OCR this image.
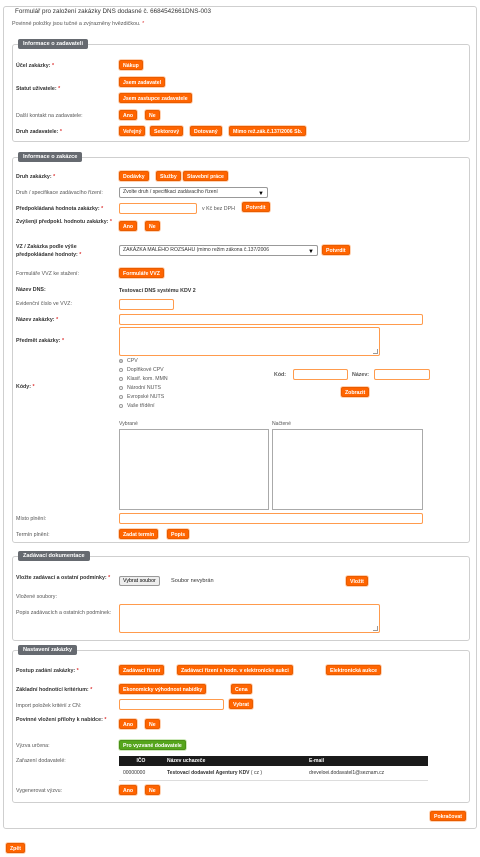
Formulář pro založení zakázky DNS dodasné č. 6684542661DNS-003
Povinné položky jsou tučné a zvýrazněny hvězdičkou. *
Informace o zadavateli
Účel zakázky: *	Nákup
Statut uživatele: *
Jsem zadavatel
Jsem zastupce zadavatele
Další kontakt na zadavatele:	Ano	Ne
Druh zadavatele: *	Veřejný	Sektorový	Dotovaný	Mimo rež.zák.č.137/2006 Sb.
Informace o zakázce
Druh zakázky: *	Dodávky	Služby	Stavební práce
Druh / specifikace zadávacího řízení:	Zvolte druh / specifikaci zadávacího řízení	▼
Předpokládaná hodnota zakázky: *	v Kč bez DPH	Potvrdit
Zvýšenjí předpokl. hodnotu zakázky: *
Ano	Ne
VZ / Zakázka podle výše předpokládané hodnoty: *
ZAKÁZKA MALÉHO ROZSAHU (mimo režim zákona č.137/2006	▼	Potvrdit
Formuláře VVZ ke stažení:	Formuláře VVZ
Název DNS:	Testovací DNS systému KDV 2
Evidenční číslo ve VVZ:
Název zakázky: *
Předmět zakázky: *
Kódy: *
CPV
Doplňkové CPV
Klasif. kom. MMN
Národní NUTS
Evropské NUTS
Vaše třídění
Kód:	Název:
Zobrazit
Vybrané	Načtené
Místo plnění:
Termín plnění:	Zadat termín	Popis
Zadávací dokumentace
Vložte zadávací a ostatní podmínky: *
Vložené soubory:
Vybrat soubor	Soubor nevybrán	Vložit
Popis zadávacích a ostatních podmínek:
Nastavení zakázky
Postup zadání zakázky: *	Zadávací řízení	Zadávací řízení s hodn. v elektronické aukci	Elektronická aukce
Základní hodnotící kritérium: *	Ekonomicky výhodnost nabídky	Cena
Import položek kritérií z CN:	Vybrat
Povinné vložení přílohy k nabídce: *
Ano	Ne
Výzva určena:	Pro vyzvané dodavatele
Zařazení dodavatelé:	IČO	Název uchazeče	E-mail
00000000	Testovací dodavatel Agentury KDV ( cz )	dreveloei.dodavatel1@seznam.cz
Vygenerovat výzvu:	Ano	Ne
Pokračovat
Zpět
